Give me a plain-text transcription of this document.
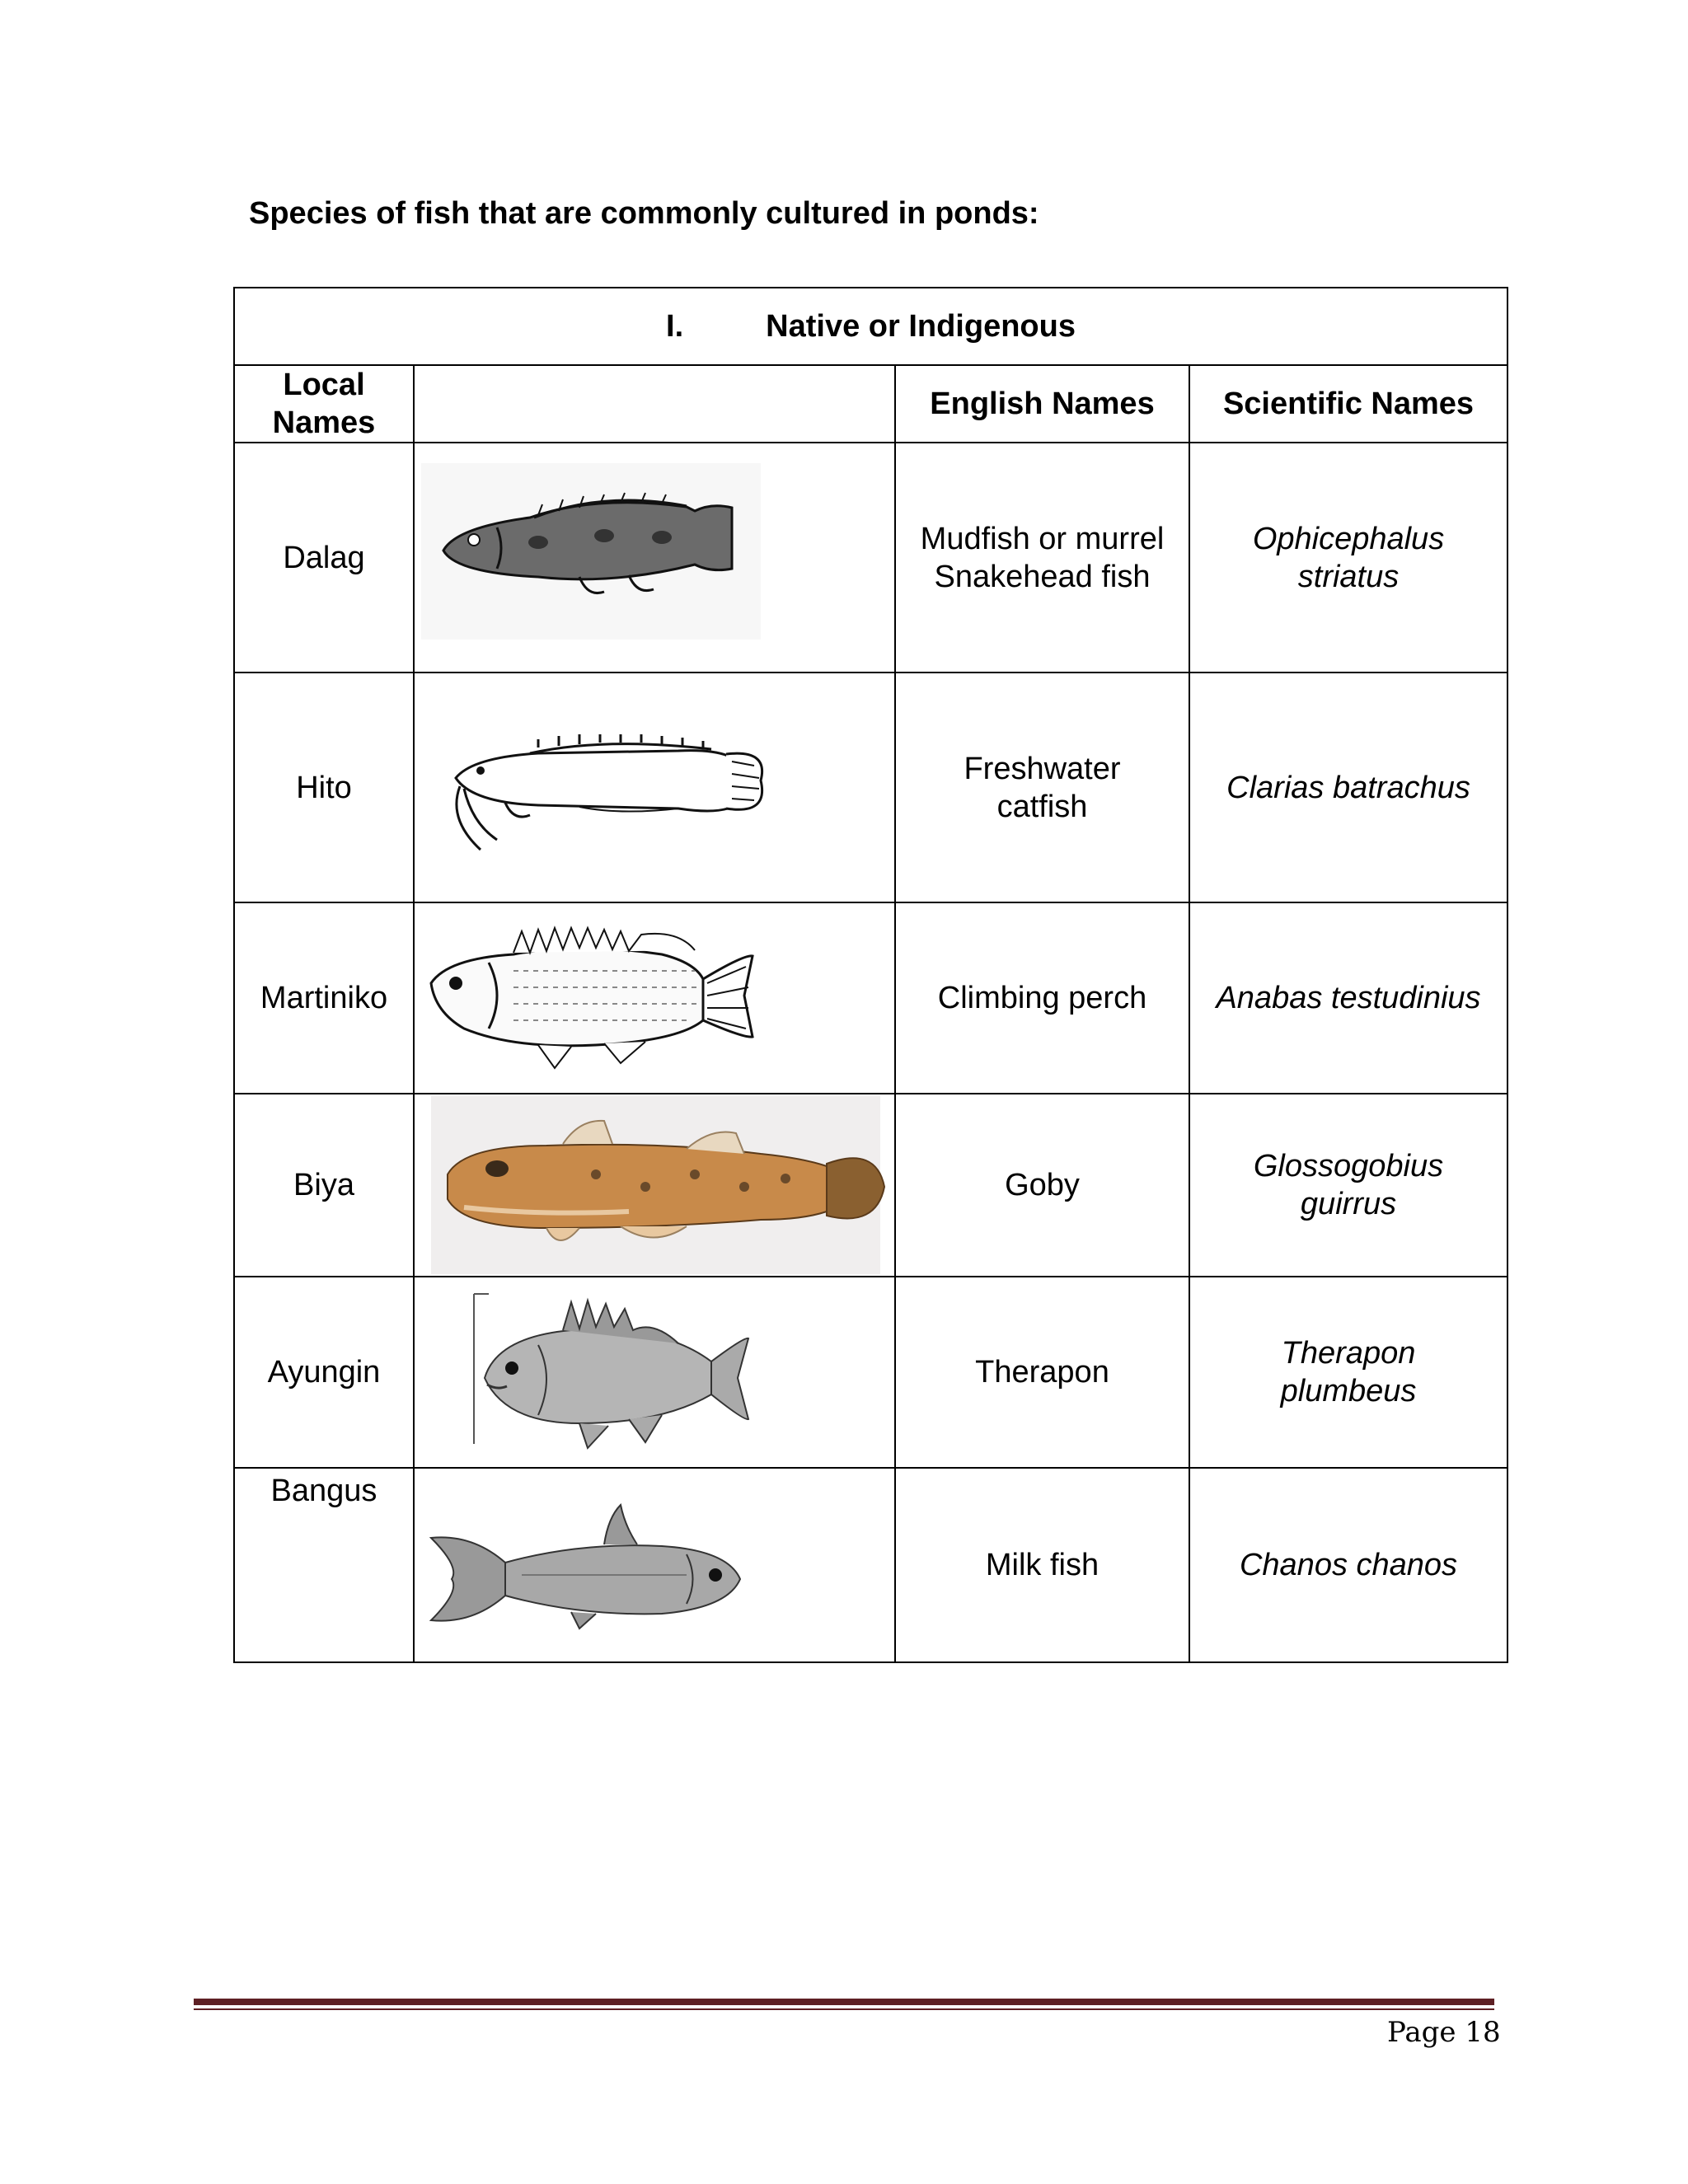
Species of fish that are commonly cultured in ponds:
I. Native or Indigenous			
Local Names		English Names	Scientific Names
Dalag		Mudfish or murrel Snakehead fish	Ophicephalus striatus
Hito		Freshwater catfish	Clarias batrachus
Martiniko		Climbing perch	Anabas testudinius
Biya		Goby	Glossogobius guirrus
Ayungin		Therapon	Therapon plumbeus
Bangus		Milk fish	Chanos chanos
Page 18
